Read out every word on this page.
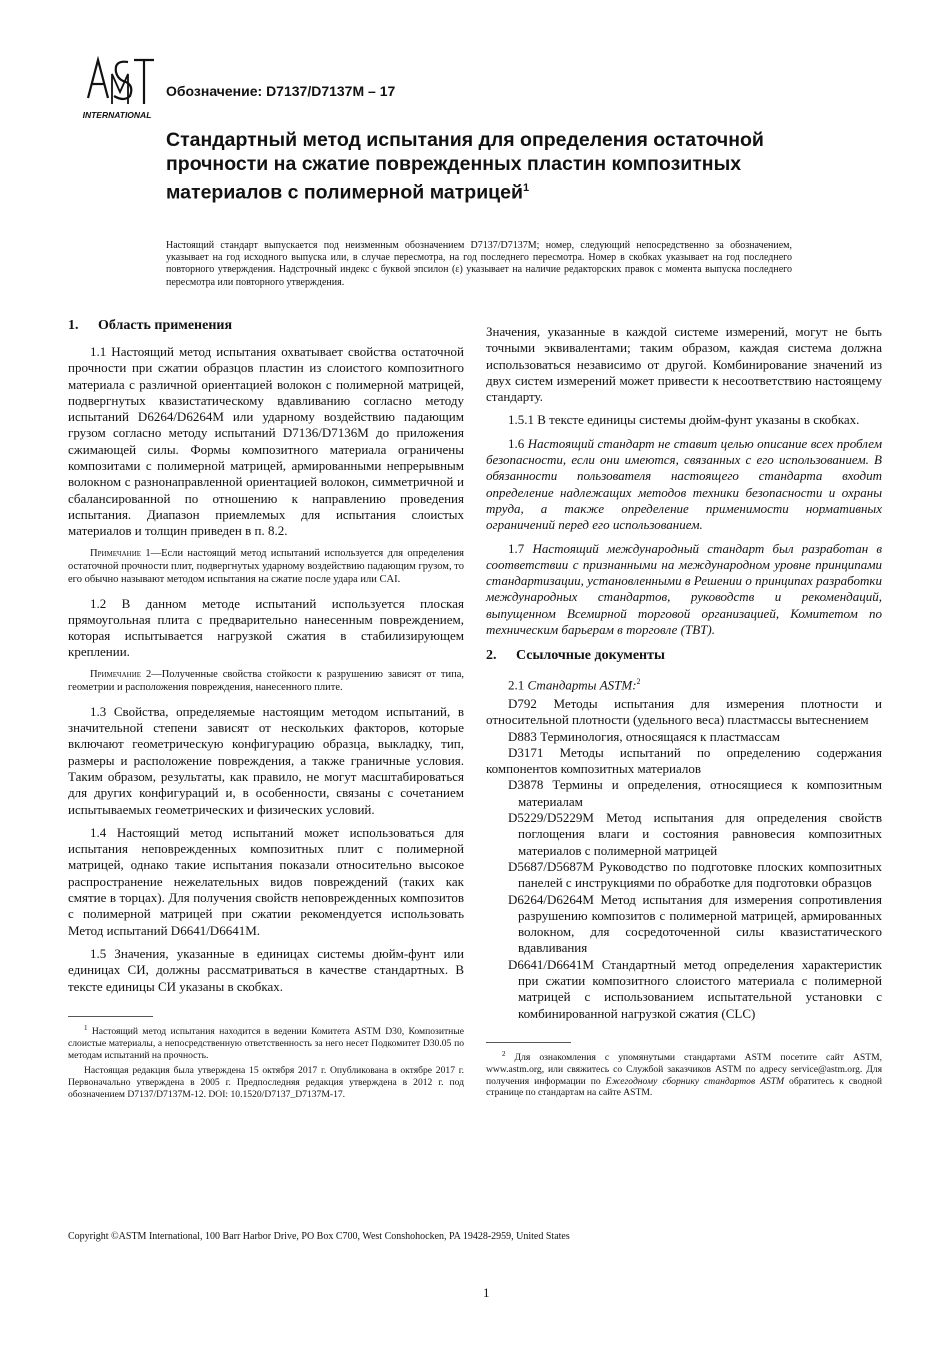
INTERNATIONAL
Обозначение: D7137/D7137M – 17
Стандартный метод испытания для определения остаточной прочности на сжатие поврежденных пластин композитных материалов с полимерной матрицей$^1$

Настоящий стандарт выпускается под неизменным обозначением D7137/D7137M; номер, следующий непосредственно за обозначением, указывает на год исходного выпуска или, в случае пересмотра, на год последнего пересмотра. Номер в скобках указывает на год последнего повторного утверждения. Надстрочный индекс с буквой эпсилон (ε) указывает на наличие редакторских правок с момента выпуска последнего пересмотра или повторного утверждения.

1. Область применения

1.1 Настоящий метод испытания охватывает свойства остаточной прочности при сжатии образцов пластин из слоистого композитного материала с различной ориентацией волокон с полимерной матрицей, подвергнутых квазистатическому вдавливанию согласно методу испытаний D6264/D6264M или ударному воздействию падающим грузом согласно методу испытаний D7136/D7136M до приложения сжимающей силы. Формы композитного материала ограничены композитами с полимерной матрицей, армированными непрерывным волокном с разнонаправленной ориентацией волокон, симметричной и сбалансированной по отношению к направлению проведения испытания. Диапазон приемлемых для испытания слоистых материалов и толщин приведен в п. 8.2.

Примечание 1—Если настоящий метод испытаний используется для определения остаточной прочности плит, подвергнутых ударному воздействию падающим грузом, то его обычно называют методом испытания на сжатие после удара или CAI.

1.2 В данном методе испытаний используется плоская прямоугольная плита с предварительно нанесенным повреждением, которая испытывается нагрузкой сжатия в стабилизирующем креплении.

Примечание 2—Полученные свойства стойкости к разрушению зависят от типа, геометрии и расположения повреждения, нанесенного плите.

1.3 Свойства, определяемые настоящим методом испытаний, в значительной степени зависят от нескольких факторов, которые включают геометрическую конфигурацию образца, выкладку, тип, размеры и расположение повреждения, а также граничные условия. Таким образом, результаты, как правило, не могут масштабироваться для других конфигураций и, в особенности, связаны с сочетанием испытываемых геометрических и физических условий.

1.4 Настоящий метод испытаний может использоваться для испытания неповрежденных композитных плит с полимерной матрицей, однако такие испытания показали относительно высокое распространение нежелательных видов повреждений (таких как смятие в торцах). Для получения свойств неповрежденных композитов с полимерной матрицей при сжатии рекомендуется использовать Метод испытаний D6641/D6641M.

1.5 Значения, указанные в единицах системы дюйм-фунт или единицах СИ, должны рассматриваться в качестве стандартных. В тексте единицы СИ указаны в скобках.

$^1$ Настоящий метод испытания находится в ведении Комитета ASTM D30, Композитные слоистые материалы, а непосредственную ответственность за него несет Подкомитет D30.05 по методам испытаний на прочность.

Настоящая редакция была утверждена 15 октября 2017 г. Опубликована в октябре 2017 г. Первоначально утверждена в 2005 г. Предпоследняя редакция утверждена в 2012 г. под обозначением D7137/D7137M-12. DOI: 10.1520/D7137_D7137M-17.

Значения, указанные в каждой системе измерений, могут не быть точными эквивалентами; таким образом, каждая система должна использоваться независимо от другой. Комбинирование значений из двух систем измерений может привести к несоответствию настоящему стандарту.

1.5.1 В тексте единицы системы дюйм-фунт указаны в скобках.

1.6 Настоящий стандарт не ставит целью описание всех проблем безопасности, если они имеются, связанных с его использованием. В обязанности пользователя настоящего стандарта входит определение надлежащих методов техники безопасности и охраны труда, а также определение применимости нормативных ограничений перед его использованием.

1.7 Настоящий международный стандарт был разработан в соответствии с признанными на международном уровне принципами стандартизации, установленными в Решении о принципах разработки международных стандартов, руководств и рекомендаций, выпущенном Всемирной торговой организацией, Комитетом по техническим барьерам в торговле (TBT).

2. Ссылочные документы

2.1 Стандарты ASTM:$^2$

D792 Методы испытания для измерения плотности и относительной плотности (удельного веса) пластмассы вытеснением

D883 Терминология, относящаяся к пластмассам

D3171 Методы испытаний по определению содержания компонентов композитных материалов

D3878 Термины и определения, относящиеся к композитным материалам

D5229/D5229M Метод испытания для определения свойств поглощения влаги и состояния равновесия композитных материалов с полимерной матрицей

D5687/D5687M Руководство по подготовке плоских композитных панелей с инструкциями по обработке для подготовки образцов

D6264/D6264M Метод испытания для измерения сопротивления разрушению композитов с полимерной матрицей, армированных волокном, для сосредоточенной силы квазистатического вдавливания

D6641/D6641M Стандартный метод определения характеристик при сжатии композитного слоистого материала с полимерной матрицей с использованием испытательной установки с комбинированной нагрузкой сжатия (CLC)

$^2$ Для ознакомления с упомянутыми стандартами ASTM посетите сайт ASTM, www.astm.org, или свяжитесь со Службой заказчиков ASTM по адресу service@astm.org. Для получения информации по Ежегодному сборнику стандартов ASTM обратитесь к сводной странице по стандартам на сайте ASTM.

Copyright ©ASTM International, 100 Barr Harbor Drive, PO Box C700, West Conshohocken, PA 19428-2959, United States
1
